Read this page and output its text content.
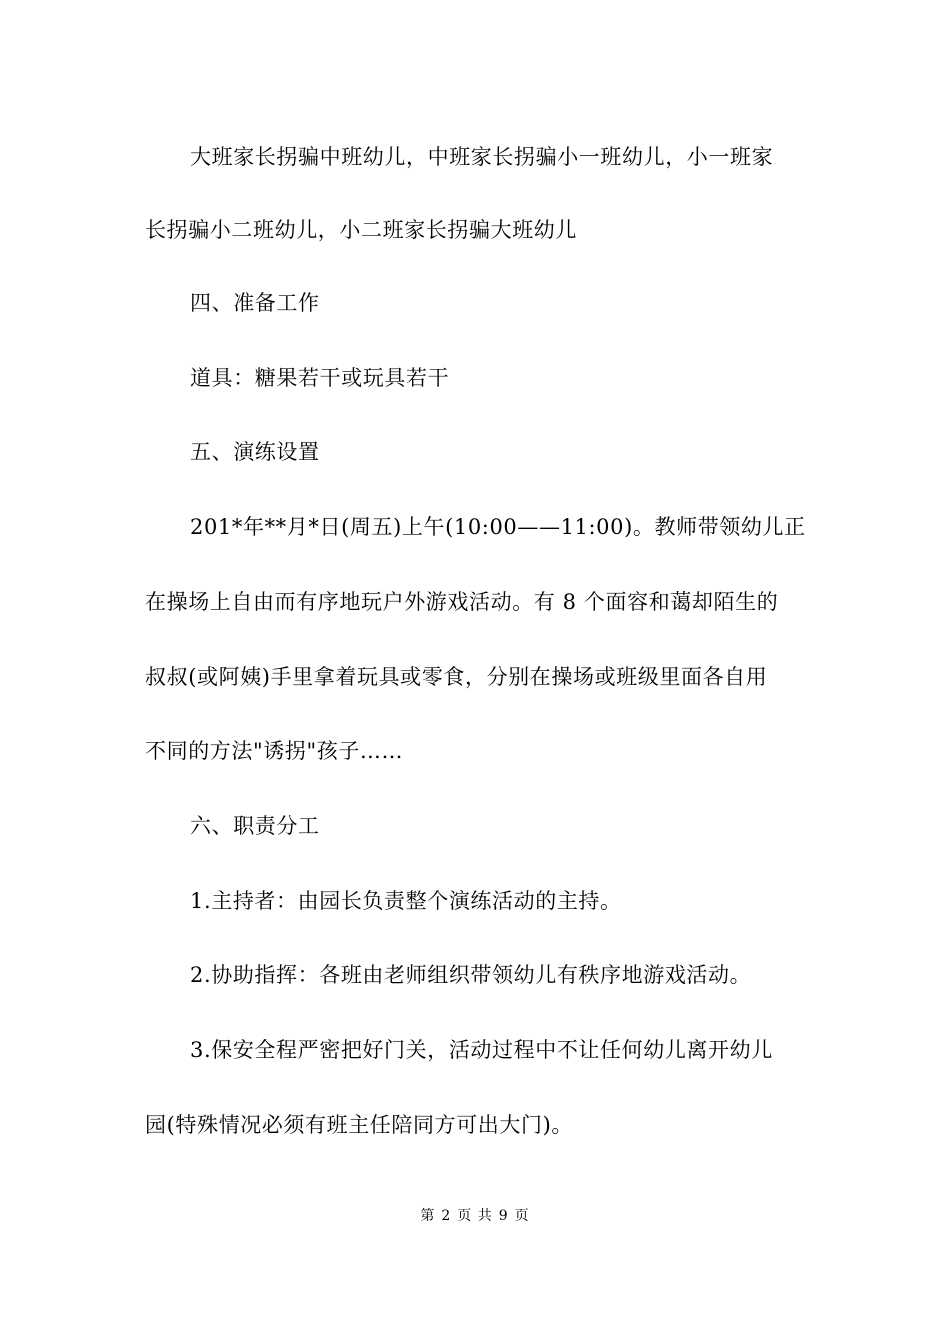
大班家长拐骗中班幼儿，中班家长拐骗小一班幼儿，小一班家
长拐骗小二班幼儿，小二班家长拐骗大班幼儿
四、准备工作
道具：糖果若干或玩具若干
五、演练设置
201*年**月*日(周五)上午(10:00——11:00)。教师带领幼儿正
在操场上自由而有序地玩户外游戏活动。有 8 个面容和蔼却陌生的
叔叔(或阿姨)手里拿着玩具或零食，分别在操场或班级里面各自用
不同的方法"诱拐"孩子……
六、职责分工
1.主持者：由园长负责整个演练活动的主持。
2.协助指挥：各班由老师组织带领幼儿有秩序地游戏活动。
3.保安全程严密把好门关，活动过程中不让任何幼儿离开幼儿
园(特殊情况必须有班主任陪同方可出大门)。
第 2 页 共 9 页
